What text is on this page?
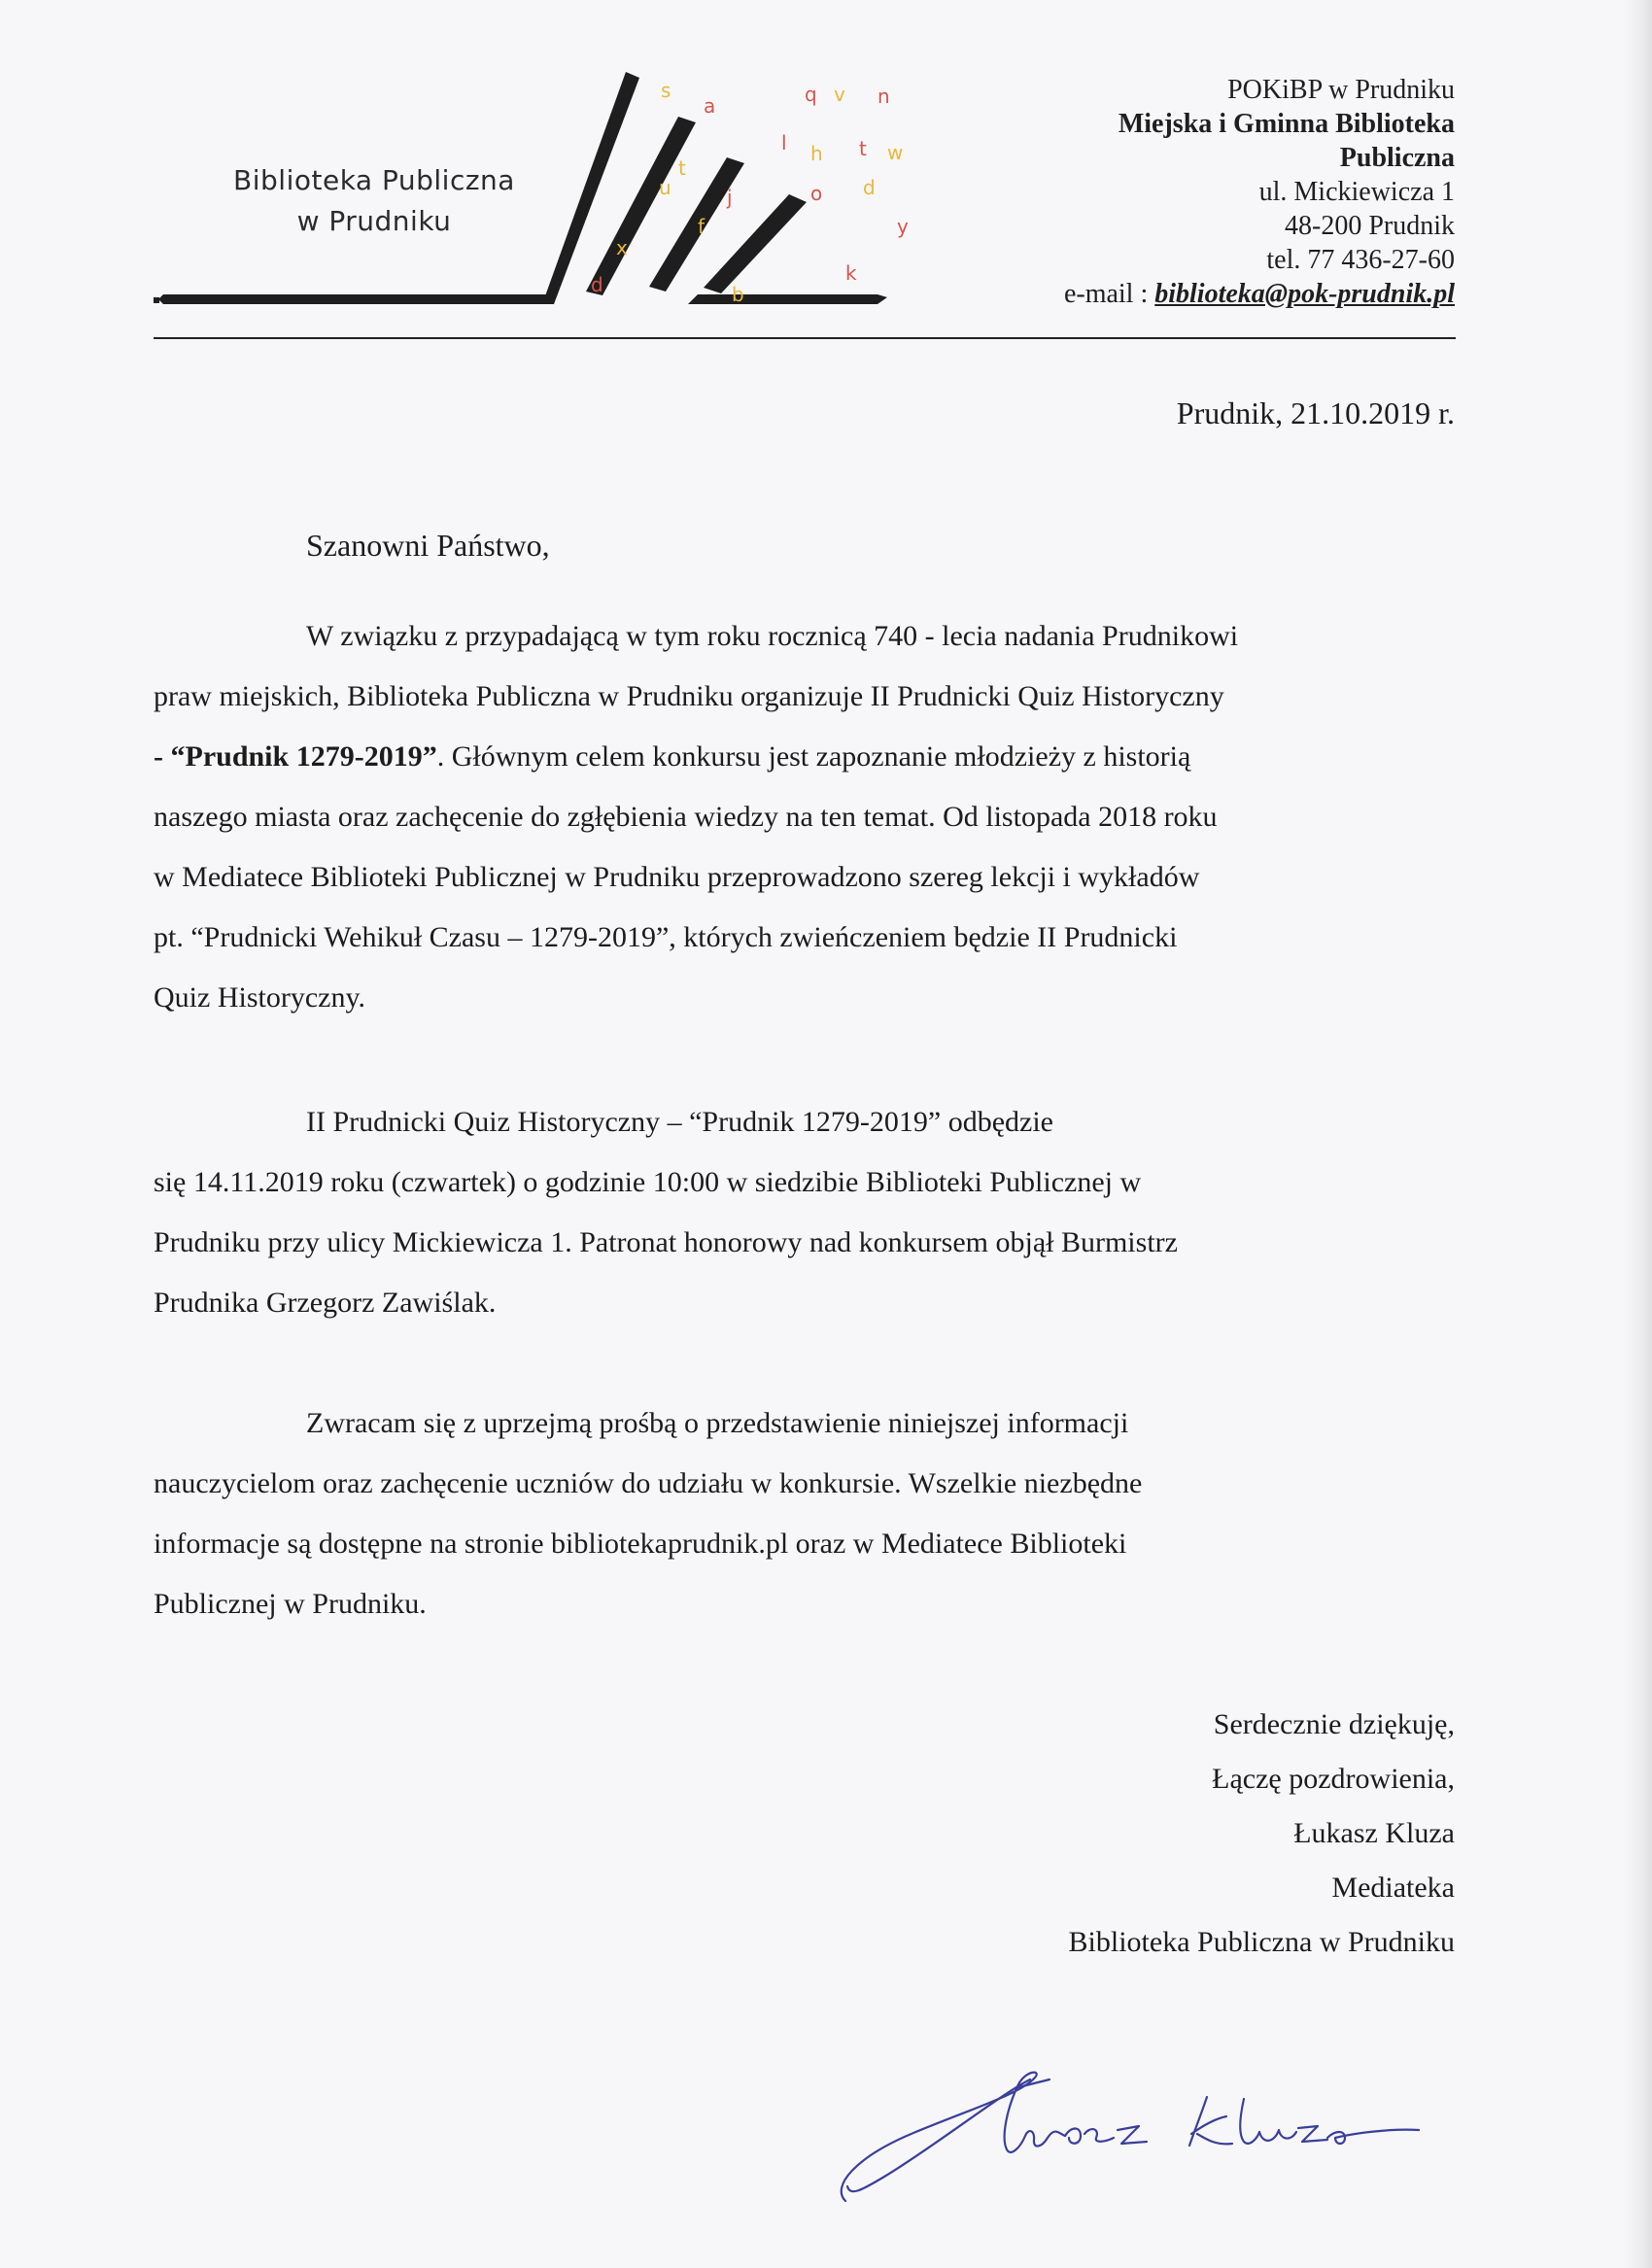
s
a	q v n
l h t w
t
u	j	o d
f	y
x
d	b
k
Biblioteka Publiczna
w Prudniku
POKiBP w Prudniku
Miejska i Gminna Biblioteka
Publiczna
ul. Mickiewicza 1
48-200 Prudnik
tel. 77 436-27-60
e-mail : biblioteka@pok-prudnik.pl
Prudnik, 21.10.2019 r.
Szanowni Państwo,
W związku z przypadającą w tym roku rocznicą 740 - lecia nadania Prudnikowi
praw miejskich, Biblioteka Publiczna w Prudniku organizuje II Prudnicki Quiz Historyczny
- “Prudnik 1279-2019”. Głównym celem konkursu jest zapoznanie młodzieży z historią
naszego miasta oraz zachęcenie do zgłębienia wiedzy na ten temat. Od listopada 2018 roku
w Mediatece Biblioteki Publicznej w Prudniku przeprowadzono szereg lekcji i wykładów
pt. “Prudnicki Wehikuł Czasu – 1279-2019”, których zwieńczeniem będzie II Prudnicki
Quiz Historyczny.
II Prudnicki Quiz Historyczny – “Prudnik 1279-2019” odbędzie
się 14.11.2019 roku (czwartek) o godzinie 10:00 w siedzibie Biblioteki Publicznej w
Prudniku przy ulicy Mickiewicza 1. Patronat honorowy nad konkursem objął Burmistrz
Prudnika Grzegorz Zawiślak.
Zwracam się z uprzejmą prośbą o przedstawienie niniejszej informacji
nauczycielom oraz zachęcenie uczniów do udziału w konkursie. Wszelkie niezbędne
informacje są dostępne na stronie bibliotekaprudnik.pl oraz w Mediatece Biblioteki
Publicznej w Prudniku.
Serdecznie dziękuję,
Łączę pozdrowienia,
Łukasz Kluza
Mediateka
Biblioteka Publiczna w Prudniku
